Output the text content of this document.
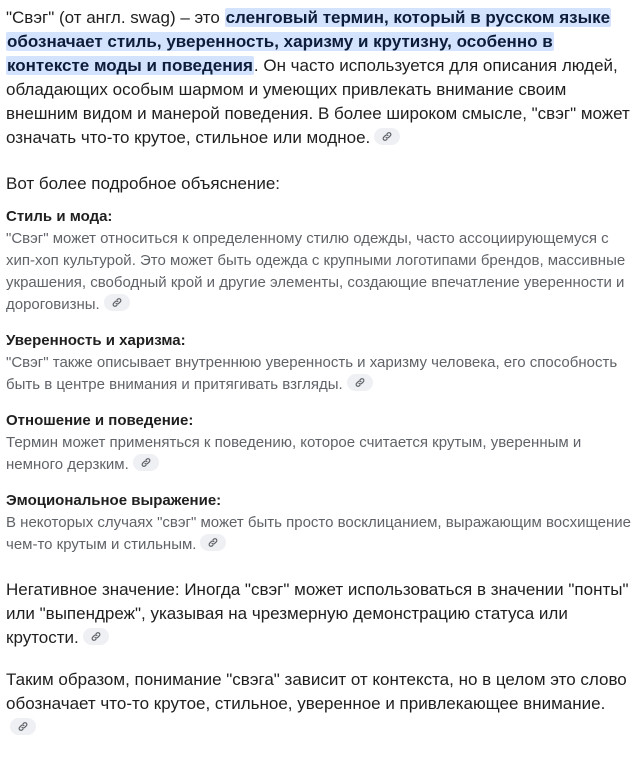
"Свэг" (от англ. swag) – это сленговый термин, который в русском языке обозначает стиль, уверенность, харизму и крутизну, особенно в контексте моды и поведения. Он часто используется для описания людей, обладающих особым шармом и умеющих привлекать внимание своим внешним видом и манерой поведения. В более широком смысле, "свэг" может означать что-то крутое, стильное или модное.

Вот более подробное объяснение:

Стиль и мода:
"Свэг" может относиться к определенному стилю одежды, часто ассоциирующемуся с хип-хоп культурой. Это может быть одежда с крупными логотипами брендов, массивные украшения, свободный крой и другие элементы, создающие впечатление уверенности и дороговизны.
Уверенность и харизма:
"Свэг" также описывает внутреннюю уверенность и харизму человека, его способность быть в центре внимания и притягивать взгляды.
Отношение и поведение:
Термин может применяться к поведению, которое считается крутым, уверенным и немного дерзким.
Эмоциональное выражение:
В некоторых случаях "свэг" может быть просто восклицанием, выражающим восхищение чем-то крутым и стильным.

Негативное значение: Иногда "свэг" может использоваться в значении "понты" или "выпендреж", указывая на чрезмерную демонстрацию статуса или крутости.

Таким образом, понимание "свэга" зависит от контекста, но в целом это слово обозначает что-то крутое, стильное, уверенное и привлекающее внимание.
